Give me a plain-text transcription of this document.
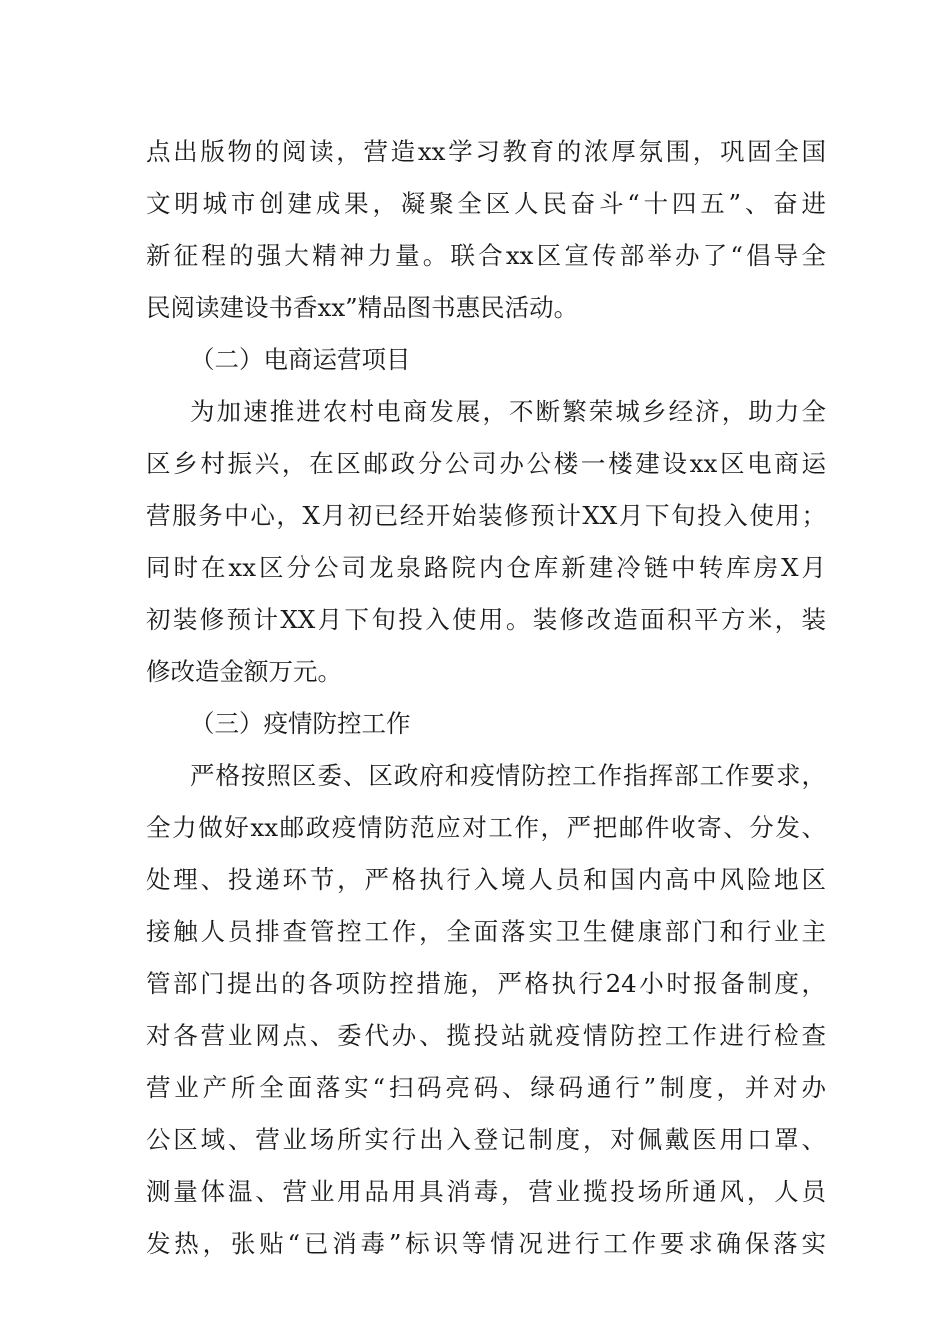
点出版物的阅读，营造xx学习教育的浓厚氛围，巩固全国
文明城市创建成果，凝聚全区人民奋斗“十四五”、奋进
新征程的强大精神力量。联合xx区宣传部举办了“倡导全
民阅读建设书香xx”精品图书惠民活动。
（二）电商运营项目
为加速推进农村电商发展，不断繁荣城乡经济，助力全
区乡村振兴，在区邮政分公司办公楼一楼建设xx区电商运
营服务中心，X月初已经开始装修预计XX月下旬投入使用；
同时在xx区分公司龙泉路院内仓库新建冷链中转库房X月
初装修预计XX月下旬投入使用。装修改造面积平方米，装
修改造金额万元。
（三）疫情防控工作
严格按照区委、区政府和疫情防控工作指挥部工作要求，
全力做好xx邮政疫情防范应对工作，严把邮件收寄、分发、
处理、投递环节，严格执行入境人员和国内高中风险地区
接触人员排查管控工作，全面落实卫生健康部门和行业主
管部门提出的各项防控措施，严格执行24小时报备制度，
对各营业网点、委代办、揽投站就疫情防控工作进行检查
营业产所全面落实“扫码亮码、绿码通行”制度，并对办
公区域、营业场所实行出入登记制度，对佩戴医用口罩、
测量体温、营业用品用具消毒，营业揽投场所通风，人员
发热，张贴“已消毒”标识等情况进行工作要求确保落实
